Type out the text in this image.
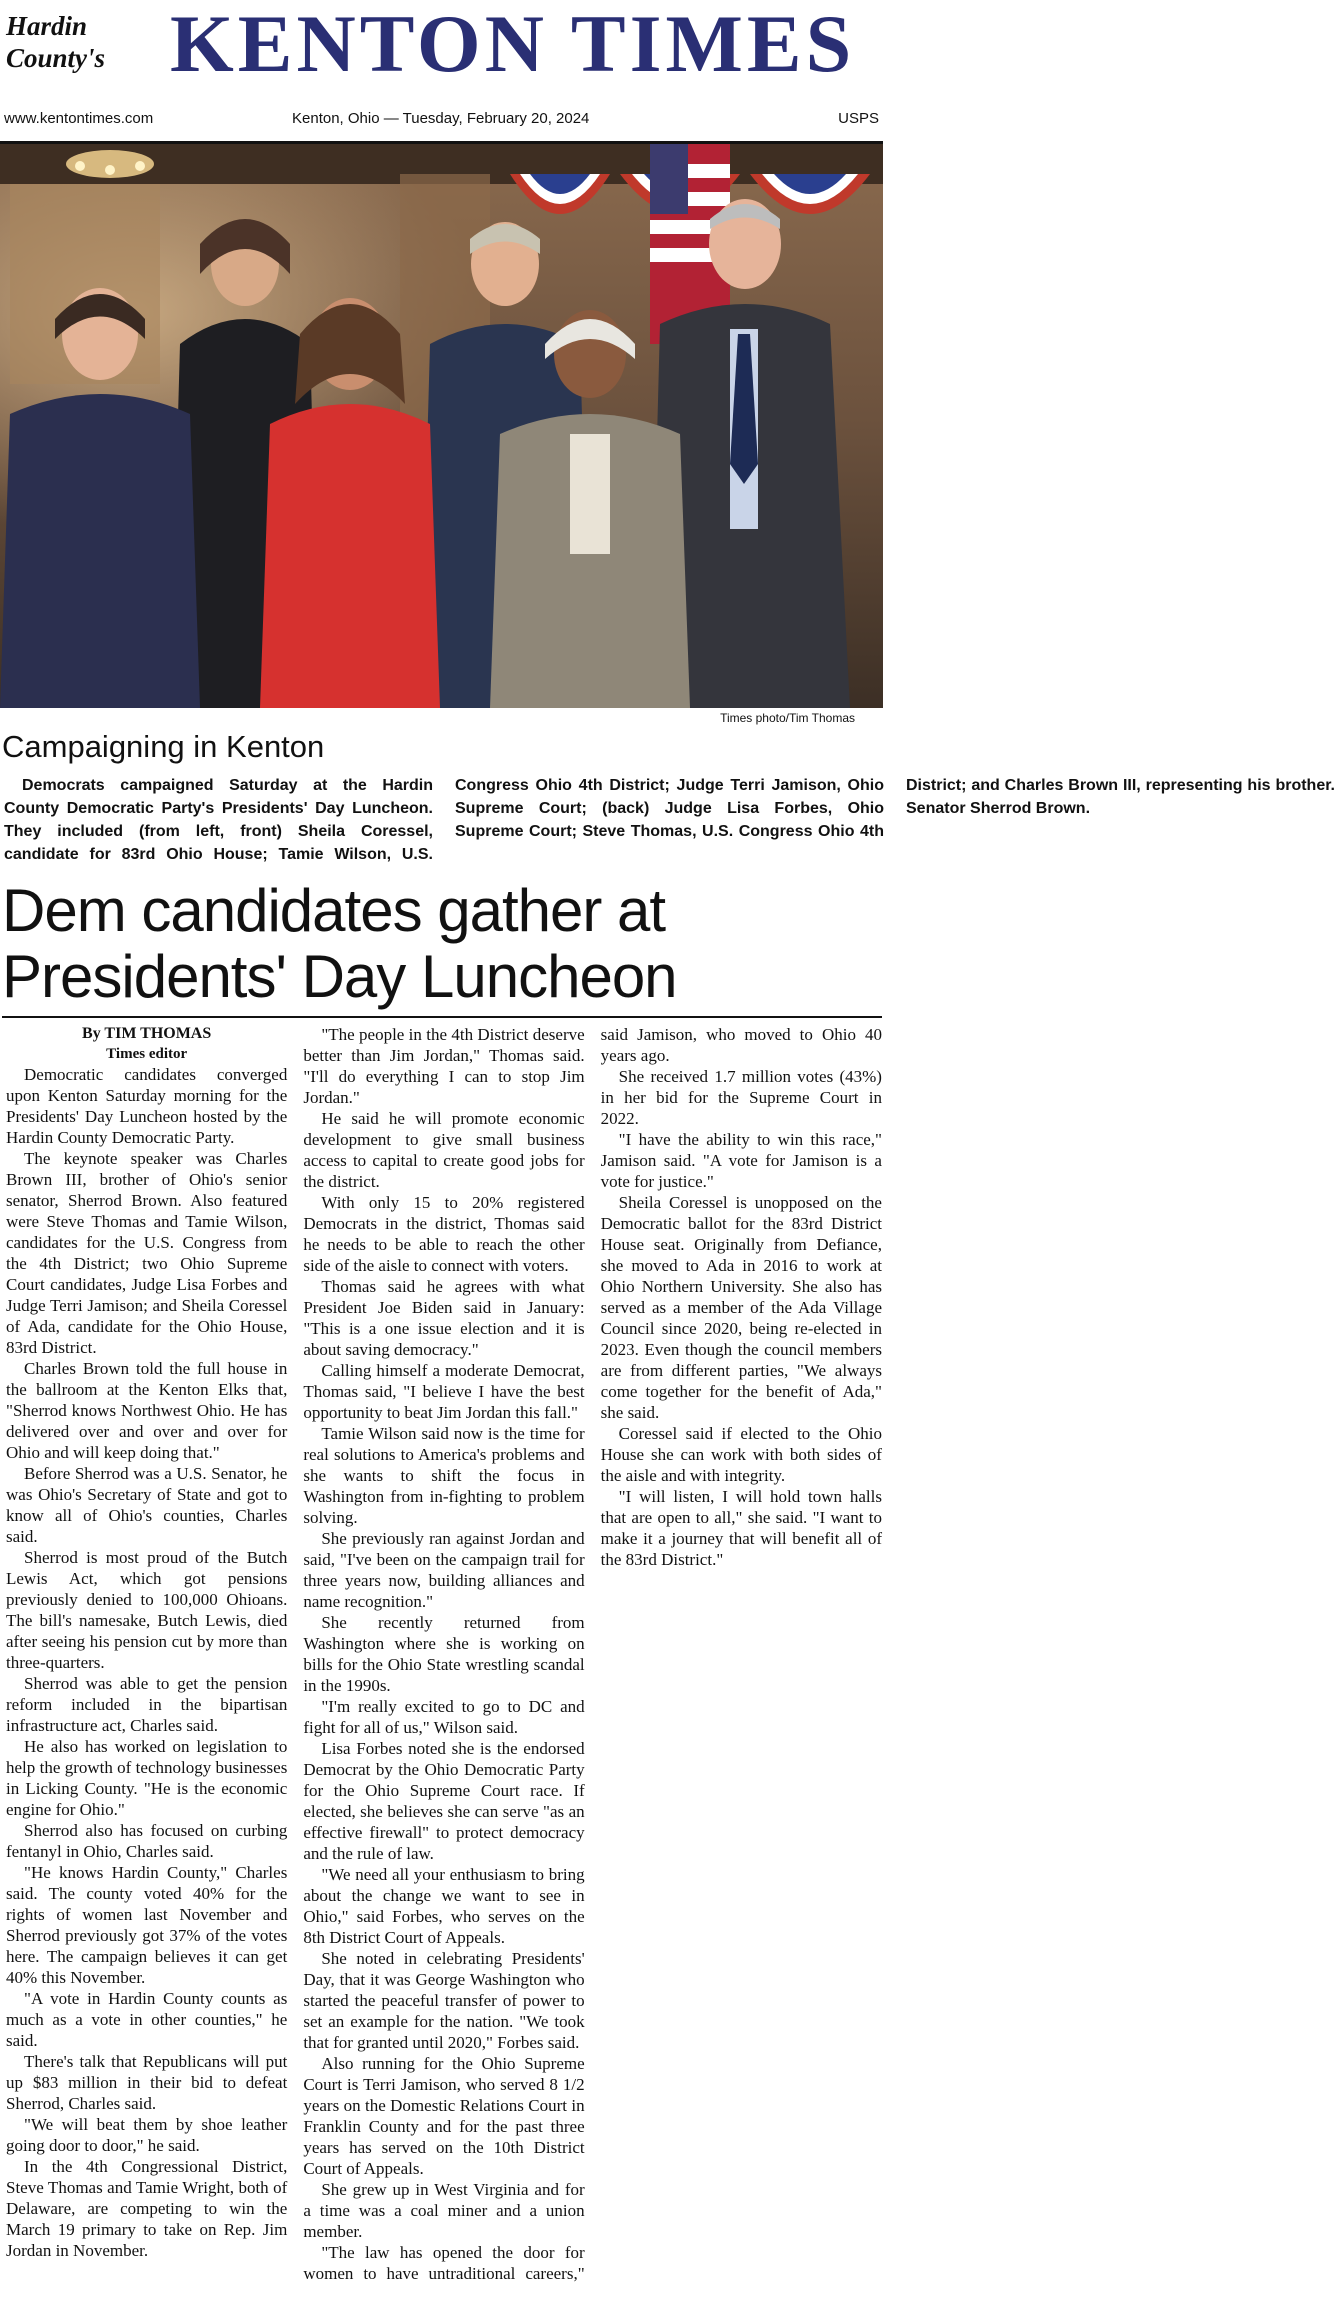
Hardin County's KENTON TIMES
www.kentontimes.com	Kenton, Ohio — Tuesday, February 20, 2024	USPS
Times photo/Tim Thomas
Campaigning in Kenton
Democrats campaigned Saturday at the Hardin County Democratic Party's Presidents' Day Luncheon. They included (from left, front) Sheila Coressel, candidate for 83rd Ohio House; Tamie Wilson, U.S. Congress Ohio 4th District; Judge Terri Jamison, Ohio Supreme Court; (back) Judge Lisa Forbes, Ohio Supreme Court; Steve Thomas, U.S. Congress Ohio 4th District; and Charles Brown III, representing his brother. Senator Sherrod Brown.
Dem candidates gather at
Presidents' Day Luncheon
By TIM THOMAS
Times editor

Democratic candidates converged upon Kenton Saturday morning for the Presidents' Day Luncheon hosted by the Hardin County Democratic Party.

The keynote speaker was Charles Brown III, brother of Ohio's senior senator, Sherrod Brown. Also featured were Steve Thomas and Tamie Wilson, candidates for the U.S. Congress from the 4th District; two Ohio Supreme Court candidates, Judge Lisa Forbes and Judge Terri Jamison; and Sheila Coressel of Ada, candidate for the Ohio House, 83rd District.

Charles Brown told the full house in the ballroom at the Kenton Elks that, "Sherrod knows Northwest Ohio. He has delivered over and over and over for Ohio and will keep doing that."

Before Sherrod was a U.S. Senator, he was Ohio's Secretary of State and got to know all of Ohio's counties, Charles said.

Sherrod is most proud of the Butch Lewis Act, which got pensions previously denied to 100,000 Ohioans. The bill's namesake, Butch Lewis, died after seeing his pension cut by more than three-quarters.

Sherrod was able to get the pension reform included in the bipartisan infrastructure act, Charles said.

He also has worked on legislation to help the growth of technology businesses in Licking County. "He is the economic engine for Ohio."

Sherrod also has focused on curbing fentanyl in Ohio, Charles said.

"He knows Hardin County," Charles said. The county voted 40% for the rights of women last November and Sherrod previously got 37% of the votes here. The campaign believes it can get 40% this November.

"A vote in Hardin County counts as much as a vote in other counties," he said.

There's talk that Republicans will put up $83 million in their bid to defeat Sherrod, Charles said.

"We will beat them by shoe leather going door to door," he said.

In the 4th Congressional District, Steve Thomas and Tamie Wright, both of Delaware, are competing to win the March 19 primary to take on Rep. Jim Jordan in November.

"The people in the 4th District deserve better than Jim Jordan," Thomas said. "I'll do everything I can to stop Jim Jordan."

He said he will promote economic development to give small business access to capital to create good jobs for the district.

With only 15 to 20% registered Democrats in the district, Thomas said he needs to be able to reach the other side of the aisle to connect with voters.

Thomas said he agrees with what President Joe Biden said in January: "This is a one issue election and it is about saving democracy."

Calling himself a moderate Democrat, Thomas said, "I believe I have the best opportunity to beat Jim Jordan this fall."

Tamie Wilson said now is the time for real solutions to America's problems and she wants to shift the focus in Washington from in-fighting to problem solving.

She previously ran against Jordan and said, "I've been on the campaign trail for three years now, building alliances and name recognition."

She recently returned from Washington where she is working on bills for the Ohio State wrestling scandal in the 1990s.

"I'm really excited to go to DC and fight for all of us," Wilson said.

Lisa Forbes noted she is the endorsed Democrat by the Ohio Democratic Party for the Ohio Supreme Court race. If elected, she believes she can serve "as an effective firewall" to protect democracy and the rule of law.

"We need all your enthusiasm to bring about the change we want to see in Ohio," said Forbes, who serves on the 8th District Court of Appeals.

She noted in celebrating Presidents' Day, that it was George Washington who started the peaceful transfer of power to set an example for the nation. "We took that for granted until 2020," Forbes said.

Also running for the Ohio Supreme Court is Terri Jamison, who served 8 1/2 years on the Domestic Relations Court in Franklin County and for the past three years has served on the 10th District Court of Appeals.

She grew up in West Virginia and for a time was a coal miner and a union member.

"The law has opened the door for women to have untraditional careers," said Jamison, who moved to Ohio 40 years ago.

She received 1.7 million votes (43%) in her bid for the Supreme Court in 2022.

"I have the ability to win this race," Jamison said. "A vote for Jamison is a vote for justice."

Sheila Coressel is unopposed on the Democratic ballot for the 83rd District House seat. Originally from Defiance, she moved to Ada in 2016 to work at Ohio Northern University. She also has served as a member of the Ada Village Council since 2020, being re-elected in 2023. Even though the council members are from different parties, "We always come together for the benefit of Ada," she said.

Coressel said if elected to the Ohio House she can work with both sides of the aisle and with integrity.

"I will listen, I will hold town halls that are open to all," she said. "I want to make it a journey that will benefit all of the 83rd District."
